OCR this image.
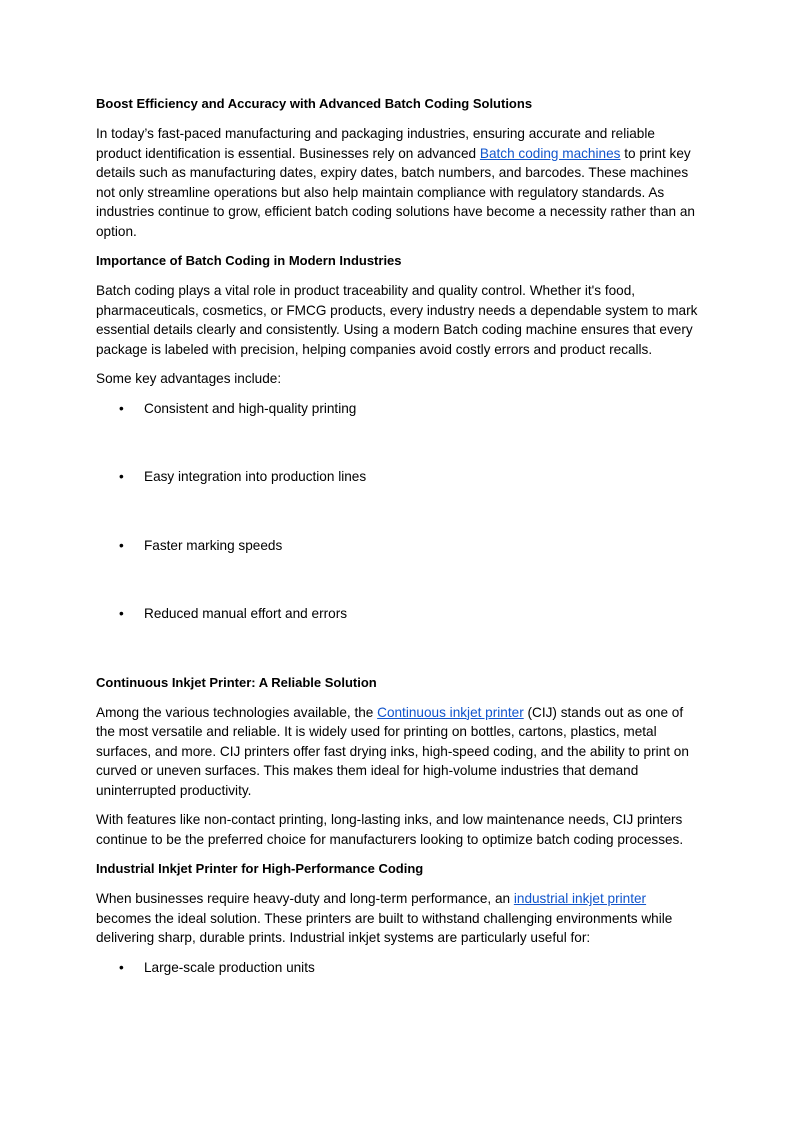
Boost Efficiency and Accuracy with Advanced Batch Coding Solutions

In today’s fast-paced manufacturing and packaging industries, ensuring accurate and reliable product identification is essential. Businesses rely on advanced Batch coding machines to print key details such as manufacturing dates, expiry dates, batch numbers, and barcodes. These machines not only streamline operations but also help maintain compliance with regulatory standards. As industries continue to grow, efficient batch coding solutions have become a necessity rather than an option.

Importance of Batch Coding in Modern Industries

Batch coding plays a vital role in product traceability and quality control. Whether it's food, pharmaceuticals, cosmetics, or FMCG products, every industry needs a dependable system to mark essential details clearly and consistently. Using a modern Batch coding machine ensures that every package is labeled with precision, helping companies avoid costly errors and product recalls.

Some key advantages include:

• Consistent and high-quality printing
• Easy integration into production lines
• Faster marking speeds
• Reduced manual effort and errors
Continuous Inkjet Printer: A Reliable Solution

Among the various technologies available, the Continuous inkjet printer (CIJ) stands out as one of the most versatile and reliable. It is widely used for printing on bottles, cartons, plastics, metal surfaces, and more. CIJ printers offer fast drying inks, high-speed coding, and the ability to print on curved or uneven surfaces. This makes them ideal for high-volume industries that demand uninterrupted productivity.

With features like non-contact printing, long-lasting inks, and low maintenance needs, CIJ printers continue to be the preferred choice for manufacturers looking to optimize batch coding processes.

Industrial Inkjet Printer for High-Performance Coding

When businesses require heavy-duty and long-term performance, an industrial inkjet printer becomes the ideal solution. These printers are built to withstand challenging environments while delivering sharp, durable prints. Industrial inkjet systems are particularly useful for:

• Large-scale production units
